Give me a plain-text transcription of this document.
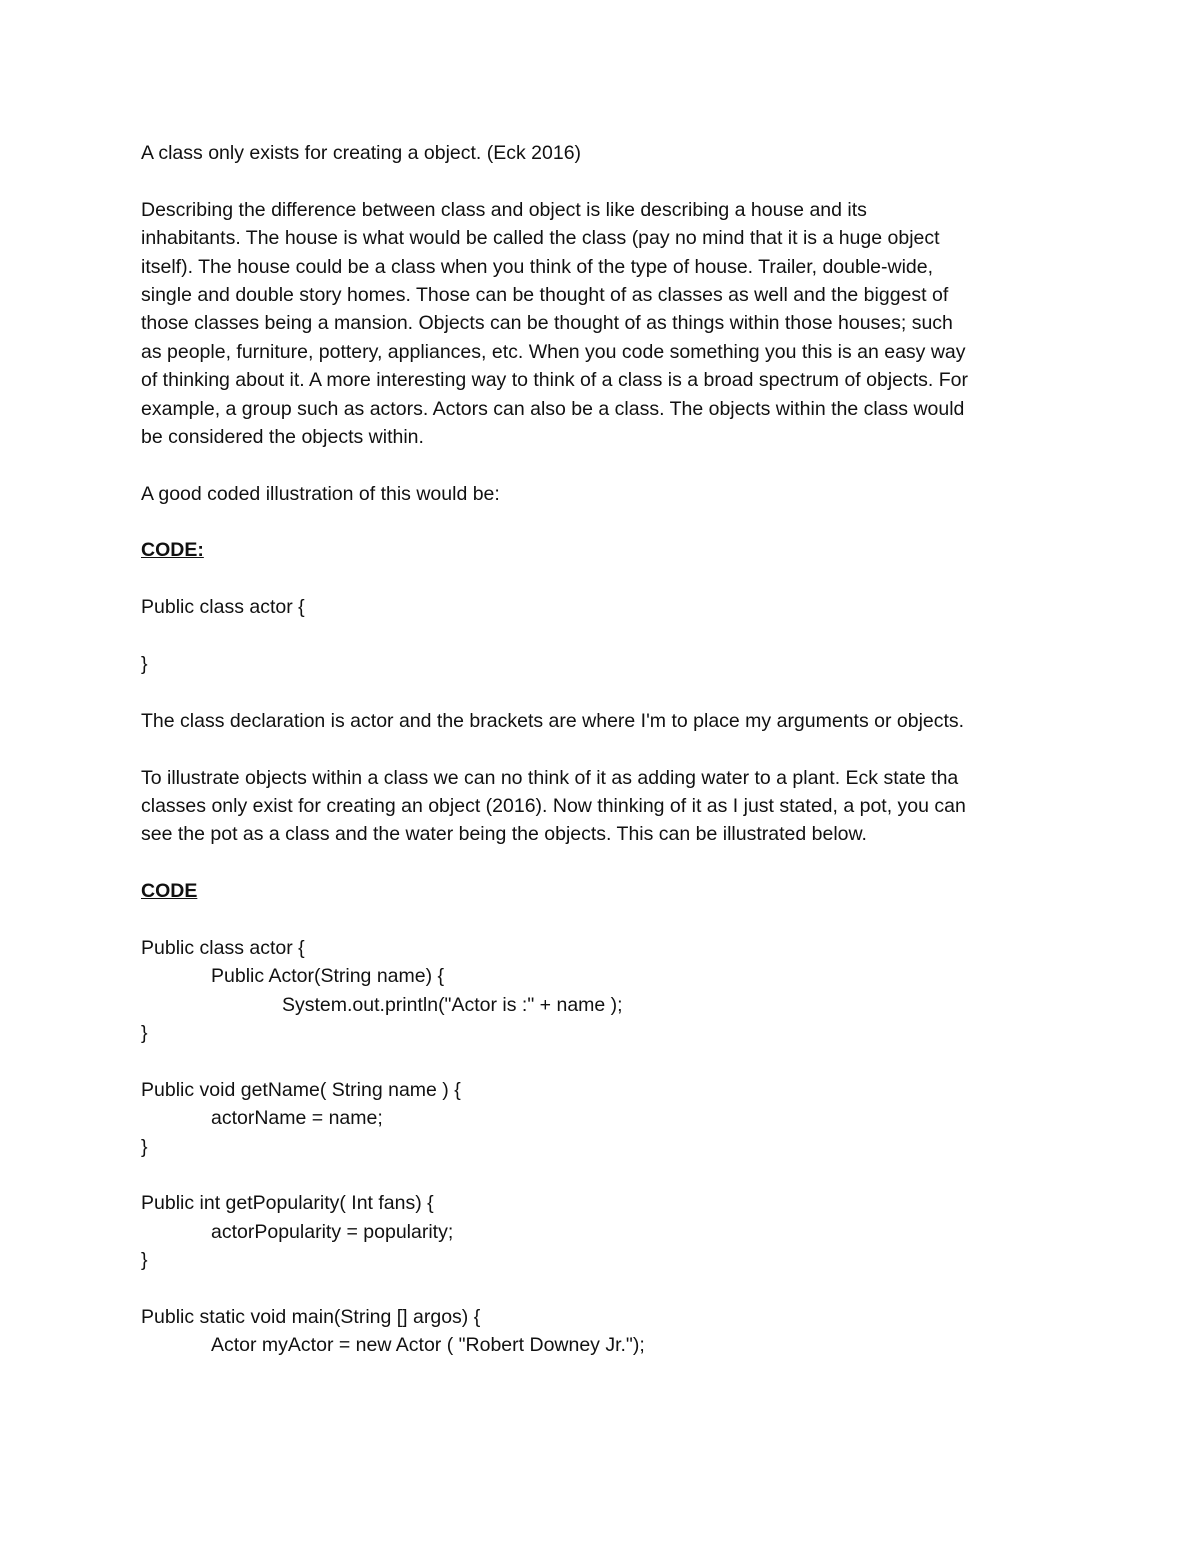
A class only exists for creating a object. (Eck 2016)

Describing the difference between class and object is like describing a house and its

inhabitants. The house is what would be called the class (pay no mind that it is a huge object

itself). The house could be a class when you think of the type of house. Trailer, double-wide,

single and double story homes. Those can be thought of as classes as well and the biggest of

those classes being a mansion. Objects can be thought of as things within those houses; such

as people, furniture, pottery, appliances, etc. When you code something you this is an easy way

of thinking about it. A more interesting way to think of a class is a broad spectrum of objects. For

example, a group such as actors. Actors can also be a class. The objects within the class would

be considered the objects within.

A good coded illustration of this would be:

CODE:

Public class actor {

}

The class declaration is actor and the brackets are where I'm to place my arguments or objects.

To illustrate objects within a class we can no think of it as adding water to a plant. Eck state tha

classes only exist for creating an object (2016). Now thinking of it as I just stated, a pot, you can

see the pot as a class and the water being the objects. This can be illustrated below.

CODE

Public class actor {

Public Actor(String name) {

System.out.println("Actor is :" + name );

}

Public void getName( String name ) {

actorName = name;

}

Public int getPopularity( Int fans) {

actorPopularity = popularity;

}

Public static void main(String [] argos) {

Actor myActor = new Actor ( "Robert Downey Jr.");
